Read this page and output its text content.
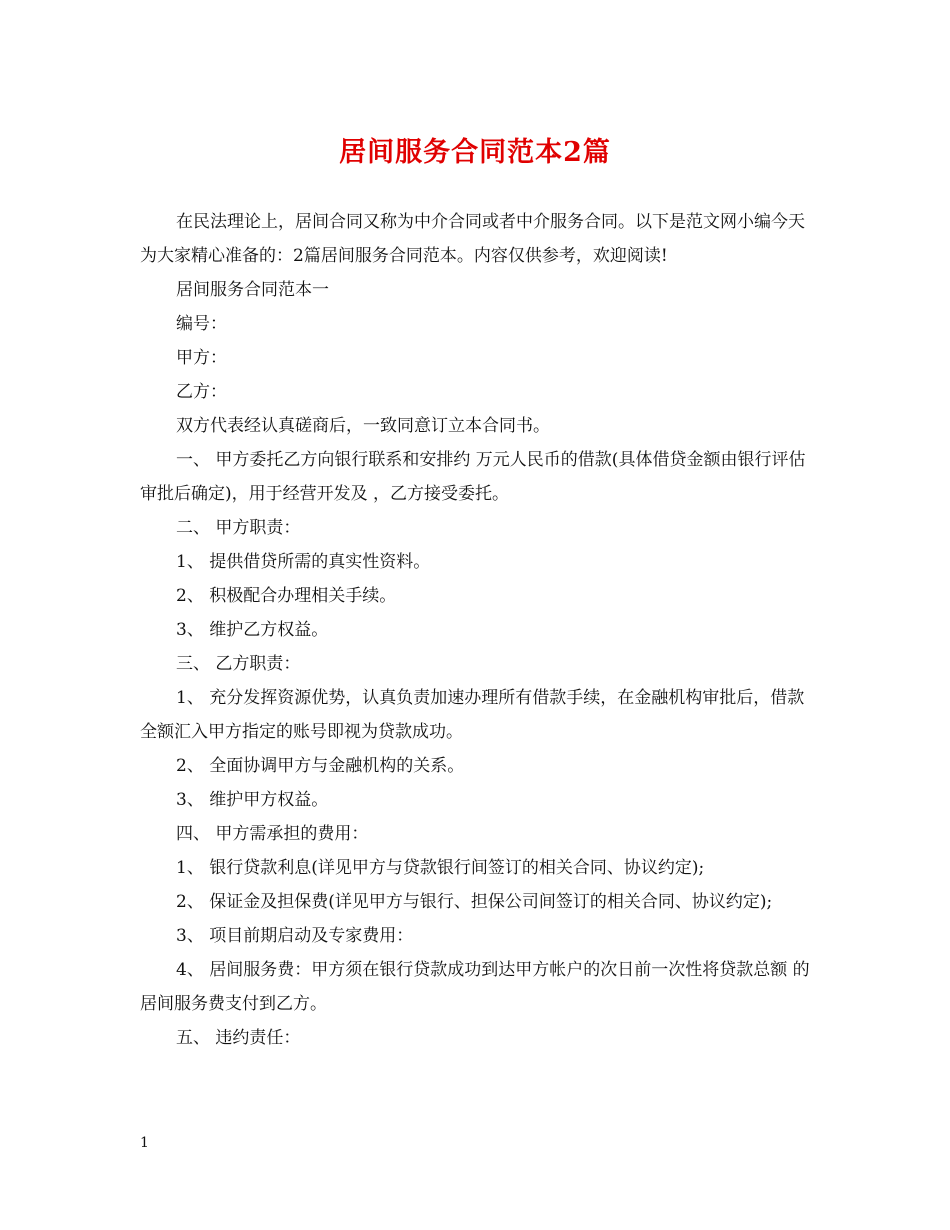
居间服务合同范本2篇

在民法理论上，居间合同又称为中介合同或者中介服务合同。以下是范文网小编今天为大家精心准备的：2篇居间服务合同范本。内容仅供参考，欢迎阅读!

居间服务合同范本一

编号：

甲方：

乙方：

双方代表经认真磋商后，一致同意订立本合同书。

一、 甲方委托乙方向银行联系和安排约 万元人民币的借款(具体借贷金额由银行评估审批后确定)，用于经营开发及 ，乙方接受委托。

二、 甲方职责：

1、 提供借贷所需的真实性资料。

2、 积极配合办理相关手续。

3、 维护乙方权益。

三、 乙方职责：

1、 充分发挥资源优势，认真负责加速办理所有借款手续，在金融机构审批后，借款全额汇入甲方指定的账号即视为贷款成功。

2、 全面协调甲方与金融机构的关系。

3、 维护甲方权益。

四、 甲方需承担的费用：

1、 银行贷款利息(详见甲方与贷款银行间签订的相关合同、协议约定);

2、 保证金及担保费(详见甲方与银行、担保公司间签订的相关合同、协议约定);

3、 项目前期启动及专家费用：

4、 居间服务费：甲方须在银行贷款成功到达甲方帐户的次日前一次性将贷款总额 的居间服务费支付到乙方。

五、 违约责任：

1
